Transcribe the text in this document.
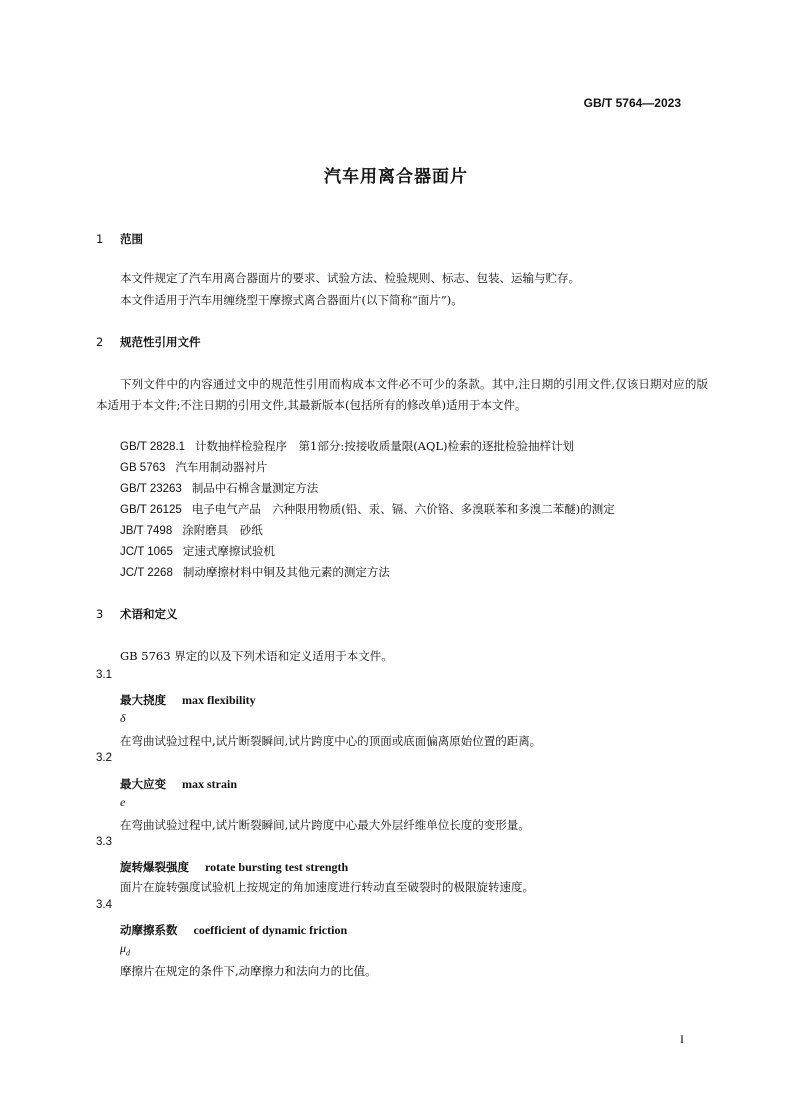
GB/T 5764—2023
汽车用离合器面片
1 范围
本文件规定了汽车用离合器面片的要求、试验方法、检验规则、标志、包装、运输与贮存。
本文件适用于汽车用缠绕型干摩擦式离合器面片(以下简称“面片”)。
2 规范性引用文件
下列文件中的内容通过文中的规范性引用而构成本文件必不可少的条款。其中,注日期的引用文件,仅该日期对应的版本适用于本文件;不注日期的引用文件,其最新版本(包括所有的修改单)适用于本文件。
GB/T 2828.1 计数抽样检验程序　第1部分:按接收质量限(AQL)检索的逐批检验抽样计划
GB 5763 汽车用制动器衬片
GB/T 23263 制品中石棉含量测定方法
GB/T 26125 电子电气产品　六种限用物质(铅、汞、镉、六价铬、多溴联苯和多溴二苯醚)的测定
JB/T 7498 涂附磨具　砂纸
JC/T 1065 定速式摩擦试验机
JC/T 2268 制动摩擦材料中铜及其他元素的测定方法
3 术语和定义
GB 5763 界定的以及下列术语和定义适用于本文件。
3.1
最大挠度 max flexibility
δ
在弯曲试验过程中,试片断裂瞬间,试片跨度中心的顶面或底面偏离原始位置的距离。
3.2
最大应变 max strain
e
在弯曲试验过程中,试片断裂瞬间,试片跨度中心最大外层纤维单位长度的变形量。
3.3
旋转爆裂强度 rotate bursting test strength
面片在旋转强度试验机上按规定的角加速度进行转动直至破裂时的极限旋转速度。
3.4
动摩擦系数 coefficient of dynamic friction
$\mu_d$
摩擦片在规定的条件下,动摩擦力和法向力的比值。
I
